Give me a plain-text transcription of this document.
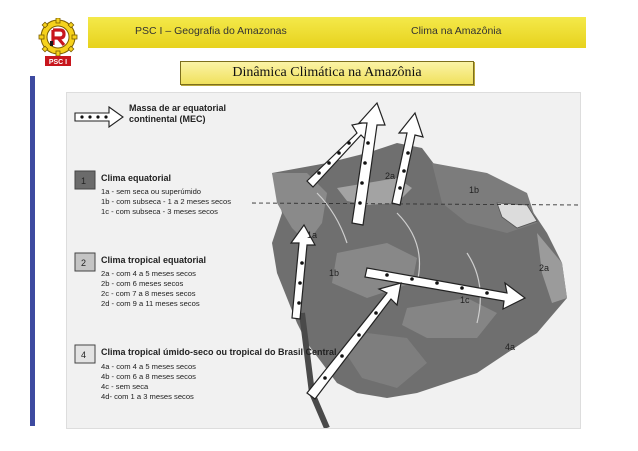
PSC I – Geografia do Amazonas	Clima na Amazônia
PSC I
Dinâmica Climática na Amazônia
2a
1b
1a
1b	2a
1c
4a
Massa de ar equatorial
continental (MEC)
1 Clima equatorial
1a - sem seca ou superúmido
1b - com subseca - 1 a 2 meses secos
1c - com subseca - 3 meses secos
2 Clima tropical equatorial
2a - com 4 a 5 meses secos
2b - com 6 meses secos
2c - com 7 a 8 meses secos
2d - com 9 a 11 meses secos
4 Clima tropical úmido-seco ou tropical do Brasil Central
4a - com 4 a 5 meses secos
4b - com 6 a 8 meses secos
4c - sem seca
4d- com 1 a 3 meses secos
